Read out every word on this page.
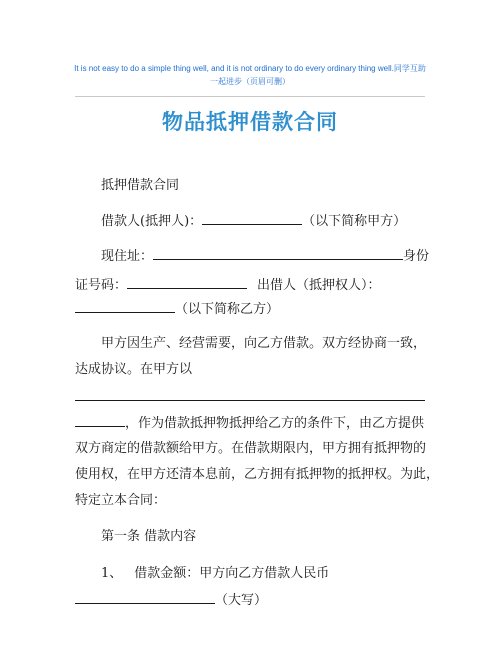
It is not easy to do a simple thing well, and it is not ordinary to do every ordinary thing well.同学互助　一起进步（页眉可删）
物品抵押借款合同
抵押借款合同
借款人(抵押人)：	（以下简称甲方）
现住址：	身份
证号码：	出借人（抵押权人）：
（以下简称乙方）
甲方因生产、经营需要，向乙方借款。双方经协商一致，
达成协议。在甲方以
，作为借款抵押物抵押给乙方的条件下，由乙方提供
双方商定的借款额给甲方。在借款期限内，甲方拥有抵押物的
使用权，在甲方还清本息前，乙方拥有抵押物的抵押权。为此，
特定立本合同：
第一条 借款内容
1、 借款金额：甲方向乙方借款人民币
（大写）
